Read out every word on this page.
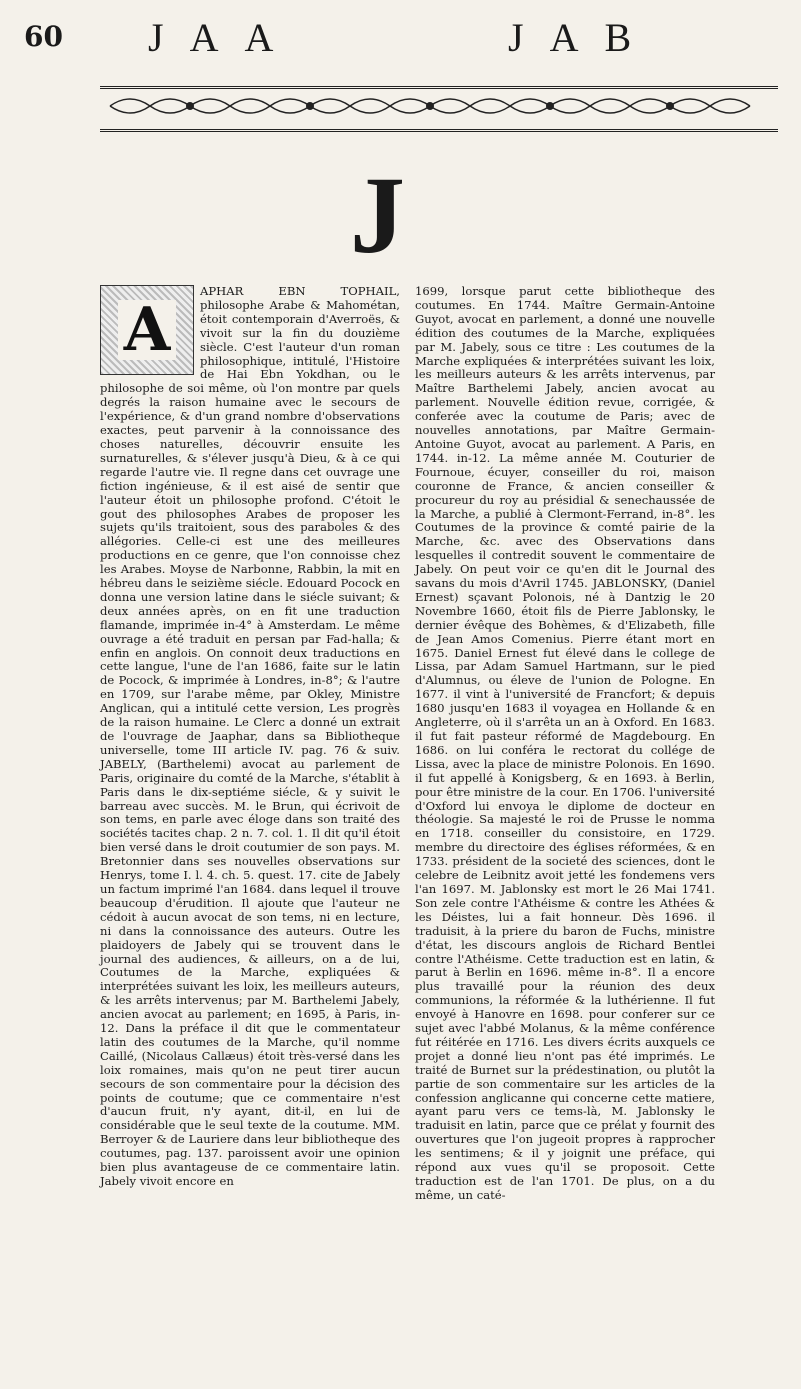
60 JAA	JAB
J
A

APHAR EBN TOPHAIL, philosophe Arabe & Mahométan, étoit contemporain d'Averroës, & vivoit sur la fin du douzième siècle. C'est l'auteur d'un roman philosophique, intitulé, l'Histoire de Hai Ebn Yokdhan, ou le philosophe de soi même, où l'on montre par quels degrés la raison humaine avec le secours de l'expérience, & d'un grand nombre d'observations exactes, peut parvenir à la connoissance des choses naturelles, découvrir ensuite les surnaturelles, & s'élever jusqu'à Dieu, & à ce qui regarde l'autre vie. Il regne dans cet ouvrage une fiction ingénieuse, & il est aisé de sentir que l'auteur étoit un philosophe profond. C'étoit le gout des philosophes Arabes de proposer les sujets qu'ils traitoient, sous des paraboles & des allégories. Celle-ci est une des meilleures productions en ce genre, que l'on connoisse chez les Arabes. Moyse de Narbonne, Rabbin, la mit en hébreu dans le seizième siécle. Edouard Pocock en donna une version latine dans le siécle suivant; & deux années après, on en fit une traduction flamande, imprimée in-4° à Amsterdam. Le même ouvrage a été traduit en persan par Fad-halla; & enfin en anglois. On connoit deux traductions en cette langue, l'une de l'an 1686, faite sur le latin de Pocock, & imprimée à Londres, in-8°; & l'autre en 1709, sur l'arabe même, par Okley, Ministre Anglican, qui a intitulé cette version, Les progrès de la raison humaine. Le Clerc a donné un extrait de l'ouvrage de Jaaphar, dans sa Bibliotheque universelle, tome III article IV. pag. 76 & suiv. JABELY, (Barthelemi) avocat au parlement de Paris, originaire du comté de la Marche, s'établit à Paris dans le dix-septiéme siécle, & y suivit le barreau avec succès. M. le Brun, qui écrivoit de son tems, en parle avec éloge dans son traité des sociétés tacites chap. 2 n. 7. col. 1. Il dit qu'il étoit bien versé dans le droit coutumier de son pays. M. Bretonnier dans ses nouvelles observations sur Henrys, tome I. l. 4. ch. 5. quest. 17. cite de Jabely un factum imprimé l'an 1684. dans lequel il trouve beaucoup d'érudition. Il ajoute que l'auteur ne cédoit à aucun avocat de son tems, ni en lecture, ni dans la connoissance des auteurs. Outre les plaidoyers de Jabely qui se trouvent dans le journal des audiences, & ailleurs, on a de lui, Coutumes de la Marche, expliquées & interprétées suivant les loix, les meilleurs auteurs, & les arrêts intervenus; par M. Barthelemi Jabely, ancien avocat au parlement; en 1695, à Paris, in-12. Dans la préface il dit que le commentateur latin des coutumes de la Marche, qu'il nomme Caillé, (Nicolaus Callæus) étoit très-versé dans les loix romaines, mais qu'on ne peut tirer aucun secours de son commentaire pour la décision des points de coutume; que ce commentaire n'est d'aucun fruit, n'y ayant, dit-il, en lui de considérable que le seul texte de la coutume. MM. Berroyer & de Lauriere dans leur bibliotheque des coutumes, pag. 137. paroissent avoir une opinion bien plus avantageuse de ce commentaire latin. Jabely vivoit encore en

1699, lorsque parut cette bibliotheque des coutumes. En 1744. Maître Germain-Antoine Guyot, avocat en parlement, a donné une nouvelle édition des coutumes de la Marche, expliquées par M. Jabely, sous ce titre : Les coutumes de la Marche expliquées & interprétées suivant les loix, les meilleurs auteurs & les arrêts intervenus, par Maître Barthelemi Jabely, ancien avocat au parlement. Nouvelle édition revue, corrigée, & conferée avec la coutume de Paris; avec de nouvelles annotations, par Maître Germain-Antoine Guyot, avocat au parlement. A Paris, en 1744. in-12. La même année M. Couturier de Fournoue, écuyer, conseiller du roi, maison couronne de France, & ancien conseiller & procureur du roy au présidial & senechaussée de la Marche, a publié à Clermont-Ferrand, in-8°. les Coutumes de la province & comté pairie de la Marche, &c. avec des Observations dans lesquelles il contredit souvent le commentaire de Jabely. On peut voir ce qu'en dit le Journal des savans du mois d'Avril 1745. JABLONSKY, (Daniel Ernest) sçavant Polonois, né à Dantzig le 20 Novembre 1660, étoit fils de Pierre Jablonsky, le dernier évêque des Bohèmes, & d'Elizabeth, fille de Jean Amos Comenius. Pierre étant mort en 1675. Daniel Ernest fut élevé dans le college de Lissa, par Adam Samuel Hartmann, sur le pied d'Alumnus, ou éleve de l'union de Pologne. En 1677. il vint à l'université de Francfort; & depuis 1680 jusqu'en 1683 il voyagea en Hollande & en Angleterre, où il s'arrêta un an à Oxford. En 1683. il fut fait pasteur réformé de Magdebourg. En 1686. on lui conféra le rectorat du collége de Lissa, avec la place de ministre Polonois. En 1690. il fut appellé à Konigsberg, & en 1693. à Berlin, pour être ministre de la cour. En 1706. l'université d'Oxford lui envoya le diplome de docteur en théologie. Sa majesté le roi de Prusse le nomma en 1718. conseiller du consistoire, en 1729. membre du directoire des églises réformées, & en 1733. président de la societé des sciences, dont le celebre de Leibnitz avoit jetté les fondemens vers l'an 1697. M. Jablonsky est mort le 26 Mai 1741. Son zele contre l'Athéisme & contre les Athées & les Déistes, lui a fait honneur. Dès 1696. il traduisit, à la priere du baron de Fuchs, ministre d'état, les discours anglois de Richard Bentlei contre l'Athéisme. Cette traduction est en latin, & parut à Berlin en 1696. même in-8°. Il a encore plus travaillé pour la réunion des deux communions, la réformée & la luthérienne. Il fut envoyé à Hanovre en 1698. pour conferer sur ce sujet avec l'abbé Molanus, & la même conférence fut réitérée en 1716. Les divers écrits auxquels ce projet a donné lieu n'ont pas été imprimés. Le traité de Burnet sur la prédestination, ou plutôt la partie de son commentaire sur les articles de la confession anglicanne qui concerne cette matiere, ayant paru vers ce tems-là, M. Jablonsky le traduisit en latin, parce que ce prélat y fournit des ouvertures que l'on jugeoit propres à rapprocher les sentimens; & il y joignit une préface, qui répond aux vues qu'il se proposoit. Cette traduction est de l'an 1701. De plus, on a du même, un caté-
